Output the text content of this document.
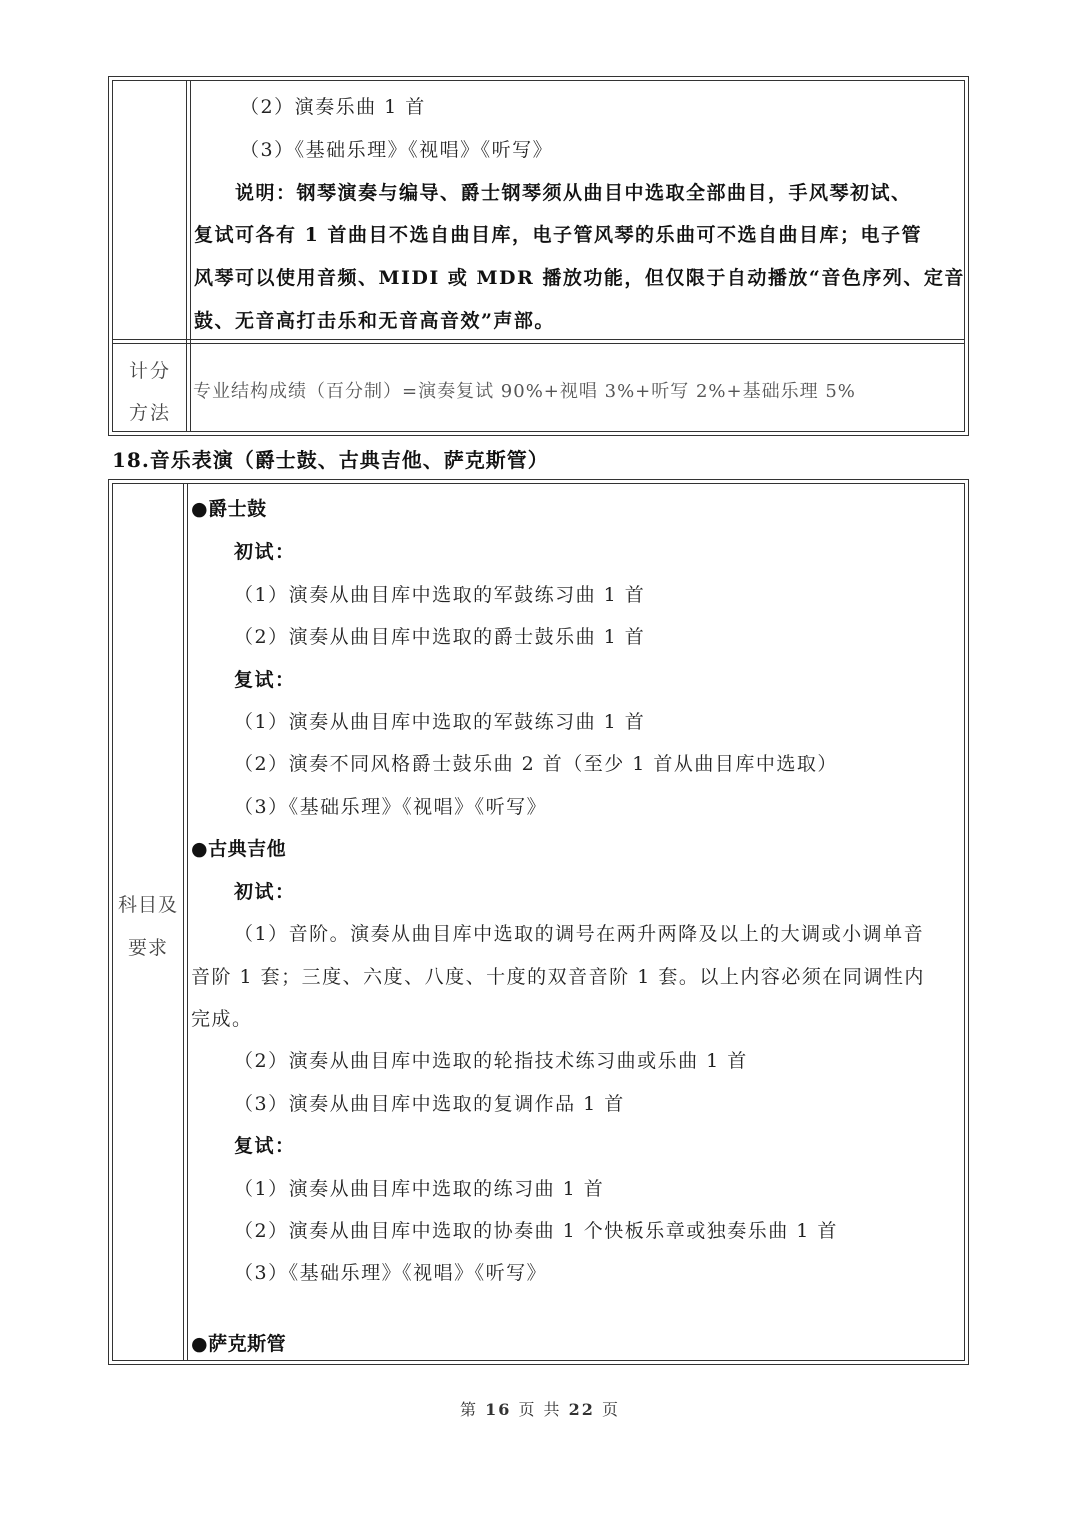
（2）演奏乐曲 1 首
（3）《基础乐理》《视唱》《听写》
说明：钢琴演奏与编导、爵士钢琴须从曲目中选取全部曲目，手风琴初试、
复试可各有 1 首曲目不选自曲目库，电子管风琴的乐曲可不选自曲目库；电子管
风琴可以使用音频、MIDI 或 MDR 播放功能，但仅限于自动播放“音色序列、定音
鼓、无音高打击乐和无音高音效”声部。
计分
方法
专业结构成绩（百分制）=演奏复试 90%+视唱 3%+听写 2%+基础乐理 5%
18.音乐表演（爵士鼓、古典吉他、萨克斯管）
科目及
要求
●爵士鼓
初试：
（1）演奏从曲目库中选取的军鼓练习曲 1 首
（2）演奏从曲目库中选取的爵士鼓乐曲 1 首
复试：
（1）演奏从曲目库中选取的军鼓练习曲 1 首
（2）演奏不同风格爵士鼓乐曲 2 首（至少 1 首从曲目库中选取）
（3）《基础乐理》《视唱》《听写》
●古典吉他
初试：
（1）音阶。演奏从曲目库中选取的调号在两升两降及以上的大调或小调单音
音阶 1 套；三度、六度、八度、十度的双音音阶 1 套。以上内容必须在同调性内
完成。
（2）演奏从曲目库中选取的轮指技术练习曲或乐曲 1 首
（3）演奏从曲目库中选取的复调作品 1 首
复试：
（1）演奏从曲目库中选取的练习曲 1 首
（2）演奏从曲目库中选取的协奏曲 1 个快板乐章或独奏乐曲 1 首
（3）《基础乐理》《视唱》《听写》
●萨克斯管
第 16 页 共 22 页
